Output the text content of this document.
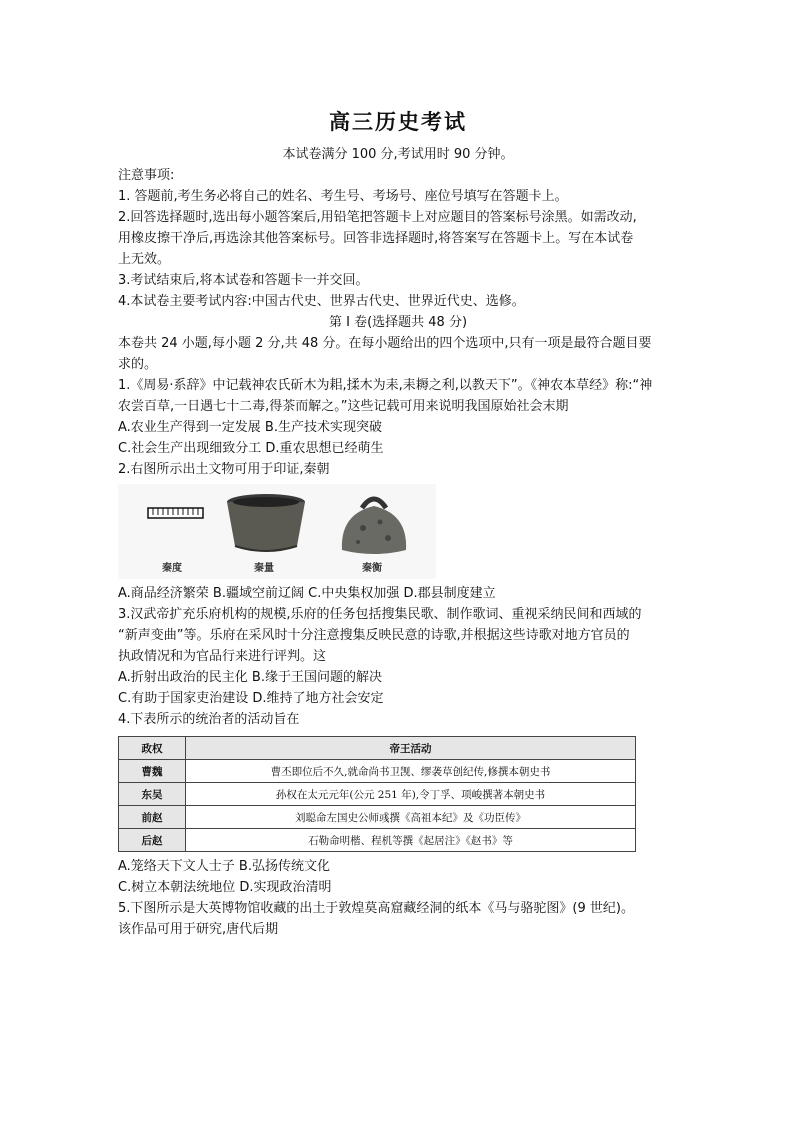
高三历史考试
本试卷满分 100 分,考试用时 90 分钟。
注意事项:
1. 答题前,考生务必将自己的姓名、考生号、考场号、座位号填写在答题卡上。
2.回答选择题时,选出每小题答案后,用铅笔把答题卡上对应题目的答案标号涂黑。如需改动,
用橡皮擦干净后,再选涂其他答案标号。回答非选择题时,将答案写在答题卡上。写在本试卷
上无效。
3.考试结束后,将本试卷和答题卡一并交回。
4.本试卷主要考试内容:中国古代史、世界古代史、世界近代史、选修。
第 I 卷(选择题共 48 分)
本卷共 24 小题,每小题 2 分,共 48 分。在每小题给出的四个选项中,只有一项是最符合题目要
求的。
1.《周易·系辞》中记载神农氏斫木为耜,揉木为耒,耒耨之利,以教天下”。《神农本草经》称:“神
农尝百草,一日遇七十二毒,得茶而解之。”这些记载可用来说明我国原始社会末期
A.农业生产得到一定发展 B.生产技术实现突破
C.社会生产出现细致分工 D.重农思想已经萌生
2.右图所示出土文物可用于印证,秦朝
秦度	秦量	秦衡
A.商品经济繁荣 B.疆域空前辽阔 C.中央集权加强 D.郡县制度建立
3.汉武帝扩充乐府机构的规模,乐府的任务包括搜集民歌、制作歌词、重视采纳民间和西域的
“新声变曲”等。乐府在采风时十分注意搜集反映民意的诗歌,并根据这些诗歌对地方官员的
执政情况和为官品行来进行评判。这
A.折射出政治的民主化 B.缘于王国问题的解决
C.有助于国家吏治建设 D.维持了地方社会安定
4.下表所示的统治者的活动旨在
政权	帝王活动
曹魏	曹丕即位后不久,就命尚书卫觊、缪袭草创纪传,修撰本朝史书
东吴	孙权在太元元年(公元 251 年),令丁孚、项峻撰著本朝史书
前赵	刘聪命左国史公师彧撰《高祖本纪》及《功臣传》
后赵	石勒命明楷、程机等撰《起居注》《赵书》等
A.笼络天下文人士子 B.弘扬传统文化
C.树立本朝法统地位 D.实现政治清明
5.下图所示是大英博物馆收藏的出土于敦煌莫高窟藏经洞的纸本《马与骆驼图》(9 世纪)。
该作品可用于研究,唐代后期
